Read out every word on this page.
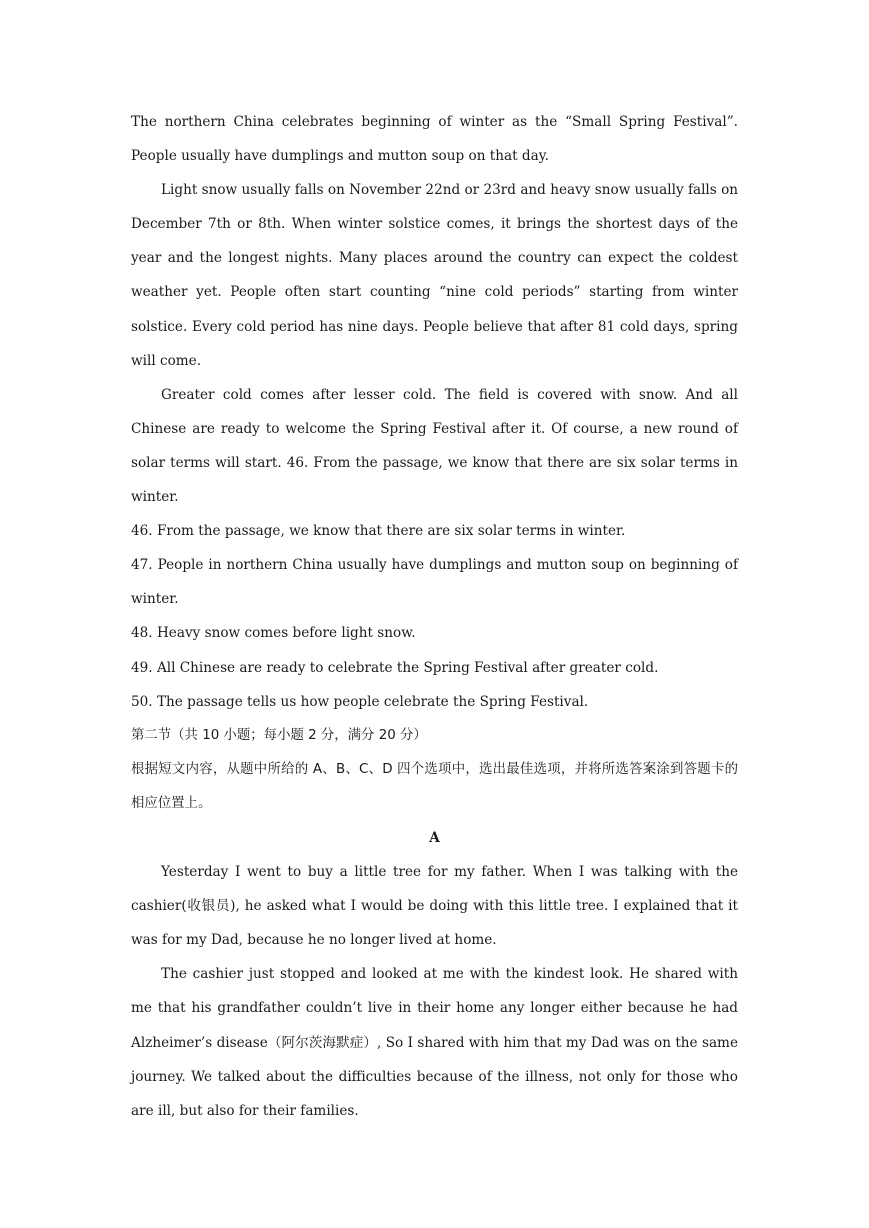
The northern China celebrates beginning of winter as the “Small Spring Festival”. People usually have dumplings and mutton soup on that day.

Light snow usually falls on November 22nd or 23rd and heavy snow usually falls on December 7th or 8th. When winter solstice comes, it brings the shortest days of the year and the longest nights. Many places around the country can expect the coldest weather yet. People often start counting “nine cold periods” starting from winter solstice. Every cold period has nine days. People believe that after 81 cold days, spring will come.

Greater cold comes after lesser cold. The field is covered with snow. And all Chinese are ready to welcome the Spring Festival after it. Of course, a new round of solar terms will start. 46. From the passage, we know that there are six solar terms in winter.

46. From the passage, we know that there are six solar terms in winter.

47. People in northern China usually have dumplings and mutton soup on beginning of winter.

48. Heavy snow comes before light snow.

49. All Chinese are ready to celebrate the Spring Festival after greater cold.

50. The passage tells us how people celebrate the Spring Festival.

第二节（共 10 小题；每小题 2 分，满分 20 分）

根据短文内容，从题中所给的 A、B、C、D 四个选项中，选出最佳选项，并将所选答案涂到答题卡的相应位置上。

A

Yesterday I went to buy a little tree for my father. When I was talking with the cashier(收银员), he asked what I would be doing with this little tree. I explained that it was for my Dad, because he no longer lived at home.

The cashier just stopped and looked at me with the kindest look. He shared with me that his grandfather couldn’t live in their home any longer either because he had Alzheimer’s disease（阿尔茨海默症）, So I shared with him that my Dad was on the same journey. We talked about the difficulties because of the illness, not only for those who are ill, but also for their families.
